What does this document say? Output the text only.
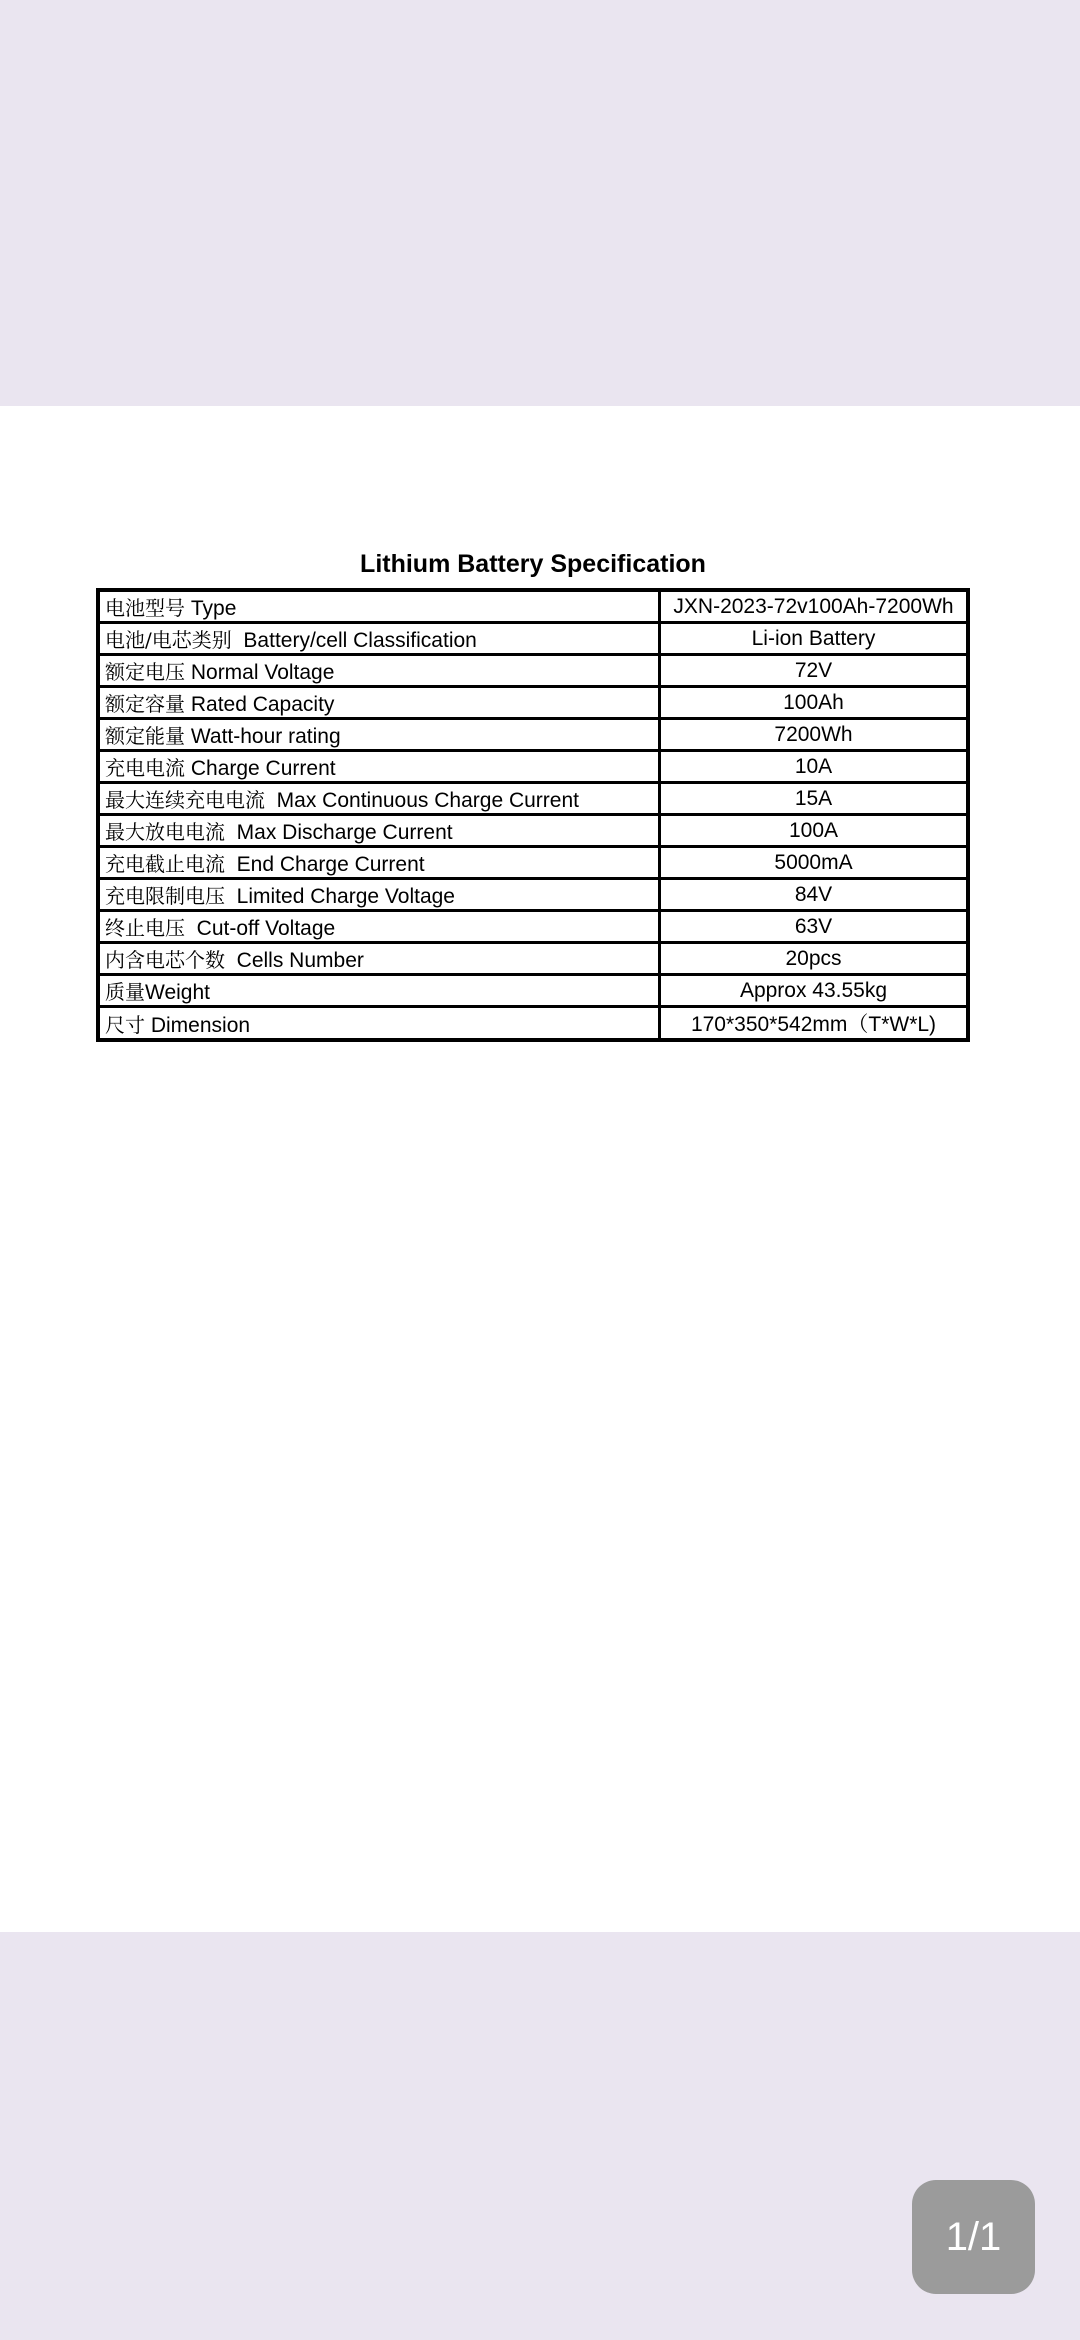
Lithium Battery Specification
电池型号 Type	JXN-2023-72v100Ah-7200Wh
电池/电芯类别 Battery/cell Classification	Li-ion Battery
额定电压 Normal Voltage	72V
额定容量 Rated Capacity	100Ah
额定能量 Watt-hour rating	7200Wh
充电电流 Charge Current	10A
最大连续充电电流 Max Continuous Charge Current	15A
最大放电电流 Max Discharge Current	100A
充电截止电流 End Charge Current	5000mA
充电限制电压 Limited Charge Voltage	84V
终止电压 Cut-off Voltage	63V
内含电芯个数 Cells Number	20pcs
质量Weight	Approx 43.55kg
尺寸 Dimension	170*350*542mm（T*W*L)
1/1
